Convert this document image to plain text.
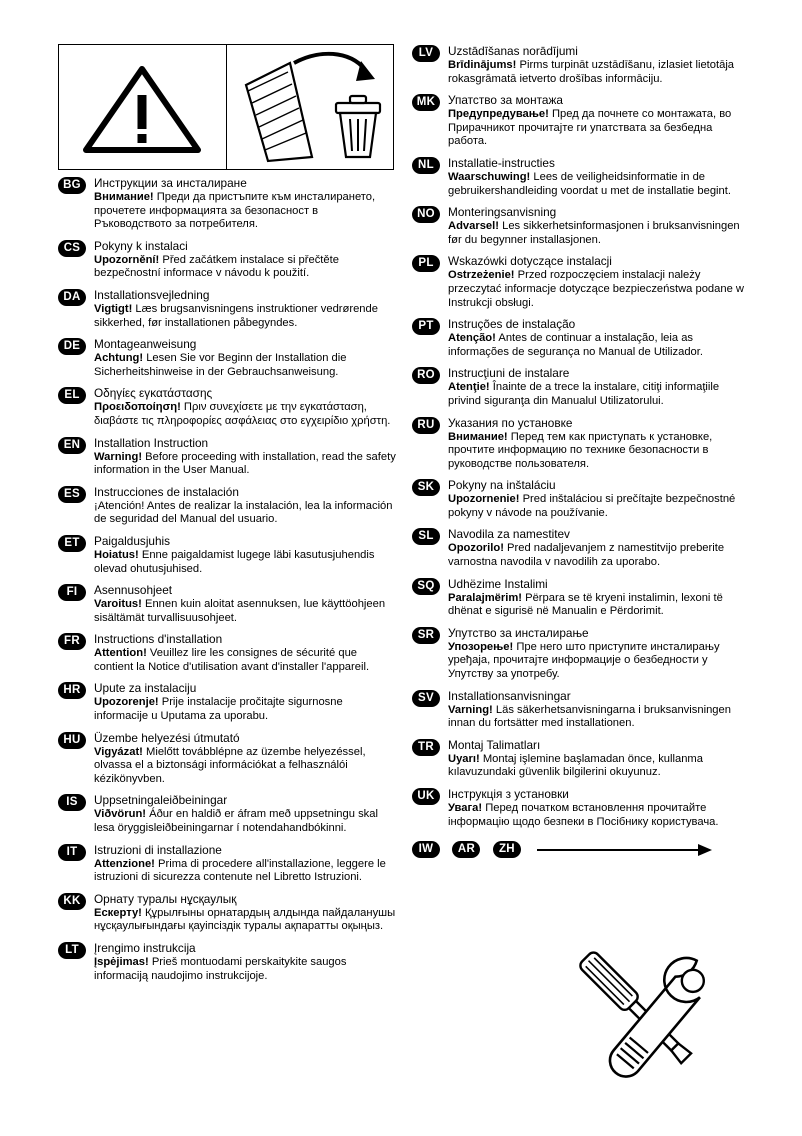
BG	Инструкции за инсталиране

Внимание! Преди да пристъпите към инсталирането, прочетете информацията за безопасност в Ръководството за потребителя.

CS	Pokyny k instalaci

Upozornění! Před začátkem instalace si přečtěte bezpečnostní informace v návodu k použití.

DA	Installationsvejledning

Vigtigt! Læs brugsanvisningens instruktioner vedrørende sikkerhed, før installationen påbegyndes.

DE	Montageanweisung

Achtung! Lesen Sie vor Beginn der Installation die Sicherheitshinweise in der Gebrauchsanweisung.

EL	Οδηγίες εγκατάστασης

Προειδοποίηση! Πριν συνεχίσετε με την εγκατάσταση, διαβάστε τις πληροφορίες ασφάλειας στο εγχειρίδιο χρήστη.

EN	Installation Instruction

Warning! Before proceeding with installation, read the safety information in the User Manual.

ES	Instrucciones de instalación

¡Atención! Antes de realizar la instalación, lea la información de seguridad del Manual del usuario.

ET	Paigaldusjuhis

Hoiatus! Enne paigaldamist lugege läbi kasutusjuhendis olevad ohutusjuhised.

FI	Asennusohjeet

Varoitus! Ennen kuin aloitat asennuksen, lue käyttöohjeen sisältämät turvallisuusohjeet.

FR	Instructions d'installation

Attention! Veuillez lire les consignes de sécurité que contient la Notice d'utilisation avant d'installer l'appareil.

HR	Upute za instalaciju

Upozorenje! Prije instalacije pročitajte sigurnosne informacije u Uputama za uporabu.

HU	Üzembe helyezési útmutató

Vigyázat! Mielőtt továbblépne az üzembe helyezéssel, olvassa el a biztonsági információkat a felhasználói kézikönyvben.

IS	Uppsetningaleiðbeiningar

Viðvörun! Áður en haldið er áfram með uppsetningu skal lesa öryggisleiðbeiningarnar í notendahandbókinni.

IT	Istruzioni di installazione

Attenzione! Prima di procedere all'installazione, leggere le istruzioni di sicurezza contenute nel Libretto Istruzioni.

KK	Орнату туралы нұсқаулық

Ескерту! Құрылғыны орнатардың алдында пайдаланушы нұсқаулығындағы қауіпсіздік туралы ақпаратты оқыңыз.

LT	Įrengimo instrukcija

Įspėjimas! Prieš montuodami perskaitykite saugos informaciją naudojimo instrukcijoje.

LV	Uzstādīšanas norādījumi

Brīdinājums! Pirms turpināt uzstādīšanu, izlasiet lietotāja rokasgrāmatā ietverto drošības informāciju.

MK	Упатство за монтажа

Предупредување! Пред да почнете со монтажата, во Прирачникот прочитајте ги упатствата за безбедна работа.

NL	Installatie-instructies

Waarschuwing! Lees de veiligheidsinformatie in de gebruikershandleiding voordat u met de installatie begint.

NO	Monteringsanvisning

Advarsel! Les sikkerhetsinformasjonen i bruksanvisningen før du begynner installasjonen.

PL	Wskazówki dotyczące instalacji

Ostrzeżenie! Przed rozpoczęciem instalacji należy przeczytać informacje dotyczące bezpieczeństwa podane w Instrukcji obsługi.

PT	Instruções de instalação

Atenção! Antes de continuar a instalação, leia as informações de segurança no Manual de Utilizador.

RO	Instrucţiuni de instalare

Atenţie! Înainte de a trece la instalare, citiţi informaţiile privind siguranţa din Manualul Utilizatorului.

RU	Указания по установке

Внимание! Перед тем как приступать к установке, прочтите информацию по технике безопасности в руководстве пользователя.

SK	Pokyny na inštaláciu

Upozornenie! Pred inštaláciou si prečítajte bezpečnostné pokyny v návode na používanie.

SL	Navodila za namestitev

Opozorilo! Pred nadaljevanjem z namestitvijo preberite varnostna navodila v navodilih za uporabo.

SQ	Udhëzime Instalimi

Paralajmërim! Përpara se të kryeni instalimin, lexoni të dhënat e sigurisë në Manualin e Përdorimit.

SR	Упутство за инсталирање

Упозорење! Пре него што приступите инсталирању уређаја, прочитајте информације о безбедности у Упутству за употребу.

SV	Installationsanvisningar

Varning! Läs säkerhetsanvisningarna i bruksanvisningen innan du fortsätter med installationen.

TR	Montaj Talimatları

Uyarı! Montaj işlemine başlamadan önce, kullanma kılavuzundaki güvenlik bilgilerini okuyunuz.

UK	Інструкція з установки

Увага! Перед початком встановлення прочитайте інформацію щодо безпеки в Посібнику користувача.

IW AR ZH
